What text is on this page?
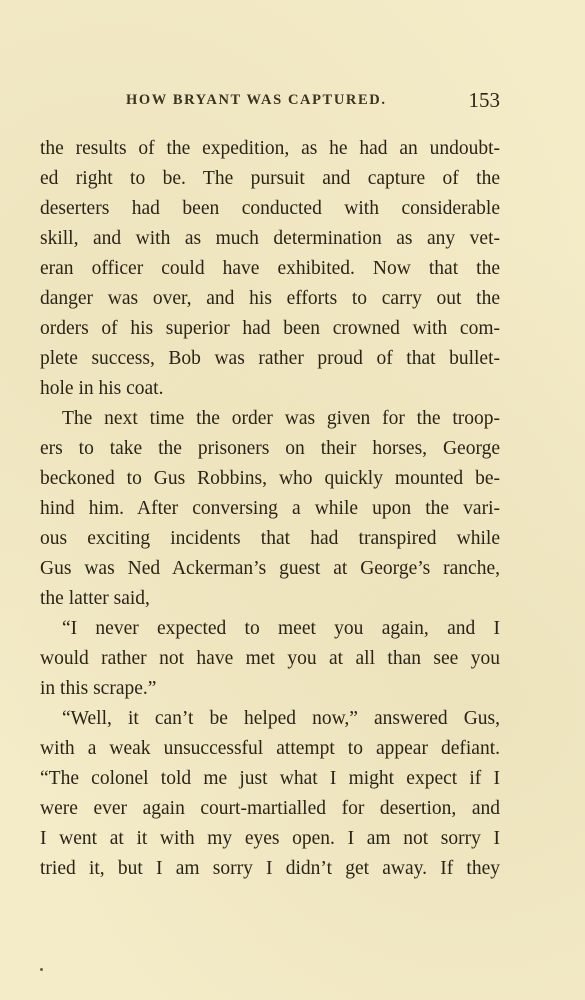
HOW BRYANT WAS CAPTURED.	153
the results of the expedition, as he had an undoubt-
ed right to be. The pursuit and capture of the
deserters had been conducted with considerable
skill, and with as much determination as any vet-
eran officer could have exhibited. Now that the
danger was over, and his efforts to carry out the
orders of his superior had been crowned with com-
plete success, Bob was rather proud of that bullet-
hole in his coat.
The next time the order was given for the troop-
ers to take the prisoners on their horses, George
beckoned to Gus Robbins, who quickly mounted be-
hind him. After conversing a while upon the vari-
ous exciting incidents that had transpired while
Gus was Ned Ackerman’s guest at George’s ranche,
the latter said,
“I never expected to meet you again, and I
would rather not have met you at all than see you
in this scrape.”
“Well, it can’t be helped now,” answered Gus,
with a weak unsuccessful attempt to appear defiant.
“The colonel told me just what I might expect if I
were ever again court-martialled for desertion, and
I went at it with my eyes open. I am not sorry I
tried it, but I am sorry I didn’t get away. If they
